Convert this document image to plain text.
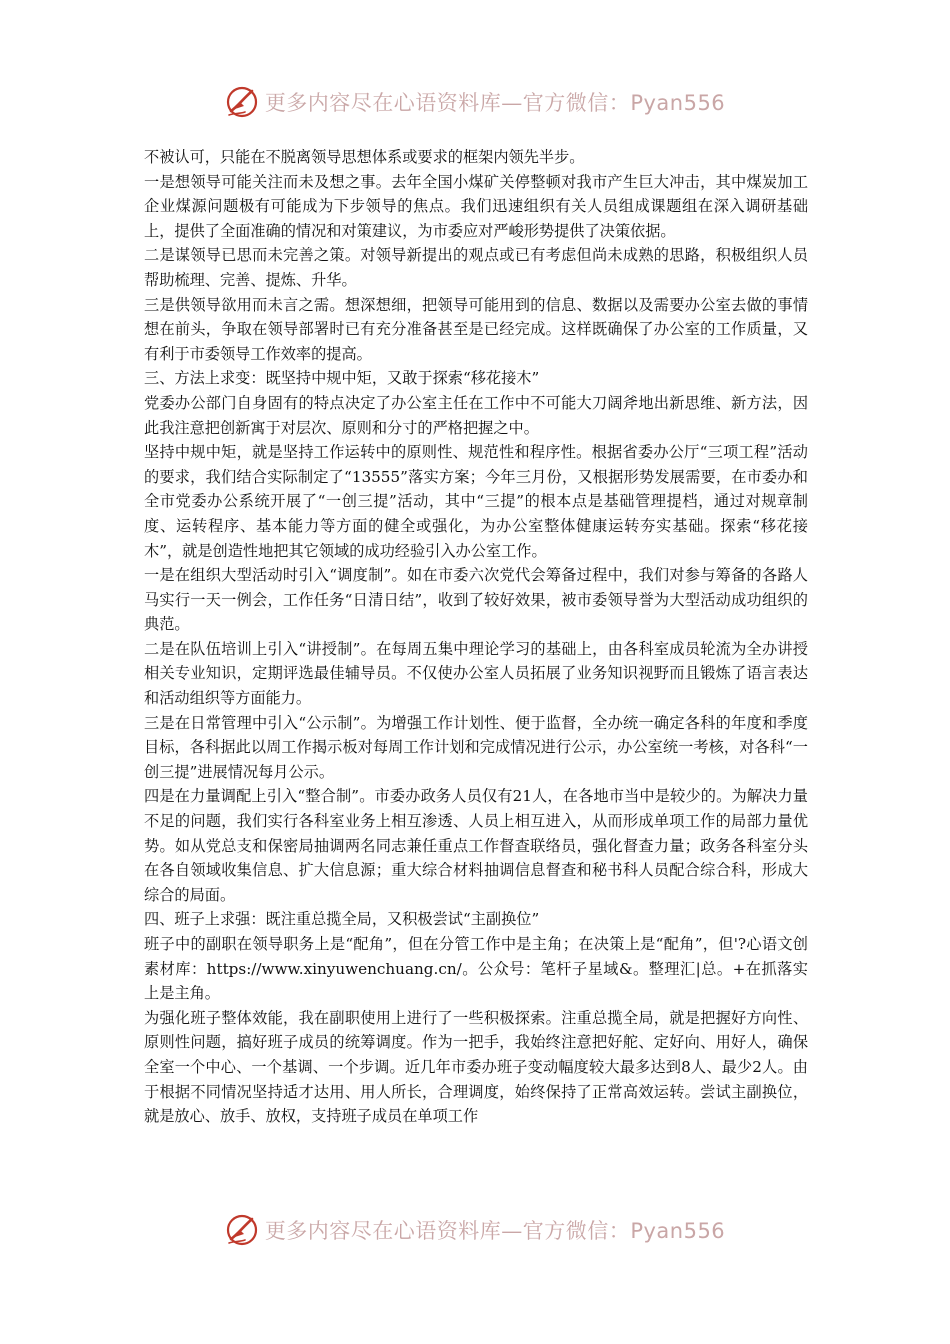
更多内容尽在心语资料库—官方微信：Pyan556

不被认可，只能在不脱离领导思想体系或要求的框架内领先半步。

一是想领导可能关注而未及想之事。去年全国小煤矿关停整顿对我市产生巨大冲击，其中煤炭加工企业煤源问题极有可能成为下步领导的焦点。我们迅速组织有关人员组成课题组在深入调研基础上，提供了全面准确的情况和对策建议，为市委应对严峻形势提供了决策依据。

二是谋领导已思而未完善之策。对领导新提出的观点或已有考虑但尚未成熟的思路，积极组织人员帮助梳理、完善、提炼、升华。

三是供领导欲用而未言之需。想深想细，把领导可能用到的信息、数据以及需要办公室去做的事情想在前头，争取在领导部署时已有充分准备甚至是已经完成。这样既确保了办公室的工作质量，又有利于市委领导工作效率的提高。

三、方法上求变：既坚持中规中矩，又敢于探索“移花接木”

党委办公部门自身固有的特点决定了办公室主任在工作中不可能大刀阔斧地出新思维、新方法，因此我注意把创新寓于对层次、原则和分寸的严格把握之中。

坚持中规中矩，就是坚持工作运转中的原则性、规范性和程序性。根据省委办公厅“三项工程”活动的要求，我们结合实际制定了“13555”落实方案；今年三月份，又根据形势发展需要，在市委办和全市党委办公系统开展了“一创三提”活动，其中“三提”的根本点是基础管理提档，通过对规章制度、运转程序、基本能力等方面的健全或强化，为办公室整体健康运转夯实基础。探索“移花接木”，就是创造性地把其它领域的成功经验引入办公室工作。

一是在组织大型活动时引入“调度制”。如在市委六次党代会筹备过程中，我们对参与筹备的各路人马实行一天一例会，工作任务“日清日结”，收到了较好效果，被市委领导誉为大型活动成功组织的典范。

二是在队伍培训上引入“讲授制”。在每周五集中理论学习的基础上，由各科室成员轮流为全办讲授相关专业知识，定期评选最佳辅导员。不仅使办公室人员拓展了业务知识视野而且锻炼了语言表达和活动组织等方面能力。

三是在日常管理中引入“公示制”。为增强工作计划性、便于监督，全办统一确定各科的年度和季度目标，各科据此以周工作揭示板对每周工作计划和完成情况进行公示，办公室统一考核，对各科“一创三提”进展情况每月公示。

四是在力量调配上引入“整合制”。市委办政务人员仅有21人，在各地市当中是较少的。为解决力量不足的问题，我们实行各科室业务上相互渗透、人员上相互进入，从而形成单项工作的局部力量优势。如从党总支和保密局抽调两名同志兼任重点工作督查联络员，强化督查力量；政务各科室分头在各自领域收集信息、扩大信息源；重大综合材料抽调信息督查和秘书科人员配合综合科，形成大综合的局面。

四、班子上求强：既注重总揽全局，又积极尝试“主副换位”

班子中的副职在领导职务上是“配角”，但在分管工作中是主角；在决策上是“配角”，但'?心语文创素材库：https://www.xinyuwenchuang.cn/。公众号：笔杆子星域&。整理汇|总。+在抓落实上是主角。

为强化班子整体效能，我在副职使用上进行了一些积极探索。注重总揽全局，就是把握好方向性、原则性问题，搞好班子成员的统筹调度。作为一把手，我始终注意把好舵、定好向、用好人，确保全室一个中心、一个基调、一个步调。近几年市委办班子变动幅度较大最多达到8人、最少2人。由于根据不同情况坚持适才达用、用人所长，合理调度，始终保持了正常高效运转。尝试主副换位，就是放心、放手、放权，支持班子成员在单项工作

更多内容尽在心语资料库—官方微信：Pyan556
